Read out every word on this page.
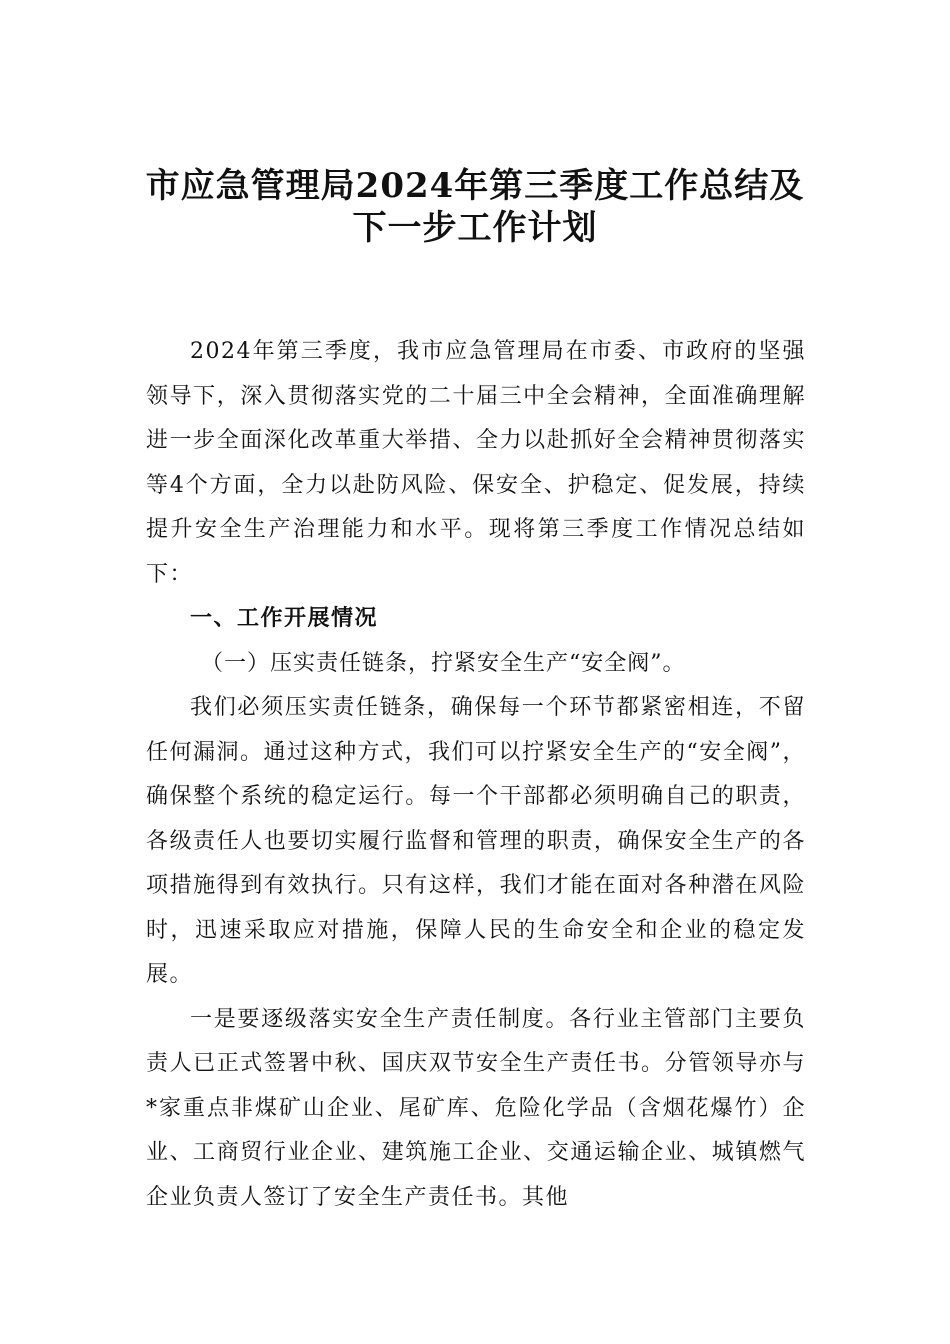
市应急管理局2024年第三季度工作总结及
下一步工作计划

2024年第三季度，我市应急管理局在市委、市政府的坚强领导下，深入贯彻落实党的二十届三中全会精神，全面准确理解进一步全面深化改革重大举措、全力以赴抓好全会精神贯彻落实等4个方面，全力以赴防风险、保安全、护稳定、促发展，持续提升安全生产治理能力和水平。现将第三季度工作情况总结如下：

一、工作开展情况
（一）压实责任链条，拧紧安全生产“安全阀”。

我们必须压实责任链条，确保每一个环节都紧密相连，不留任何漏洞。通过这种方式，我们可以拧紧安全生产的“安全阀”，确保整个系统的稳定运行。每一个干部都必须明确自己的职责，各级责任人也要切实履行监督和管理的职责，确保安全生产的各项措施得到有效执行。只有这样，我们才能在面对各种潜在风险时，迅速采取应对措施，保障人民的生命安全和企业的稳定发展。

一是要逐级落实安全生产责任制度。各行业主管部门主要负责人已正式签署中秋、国庆双节安全生产责任书。分管领导亦与*家重点非煤矿山企业、尾矿库、危险化学品（含烟花爆竹）企业、工商贸行业企业、建筑施工企业、交通运输企业、城镇燃气企业负责人签订了安全生产责任书。其他
